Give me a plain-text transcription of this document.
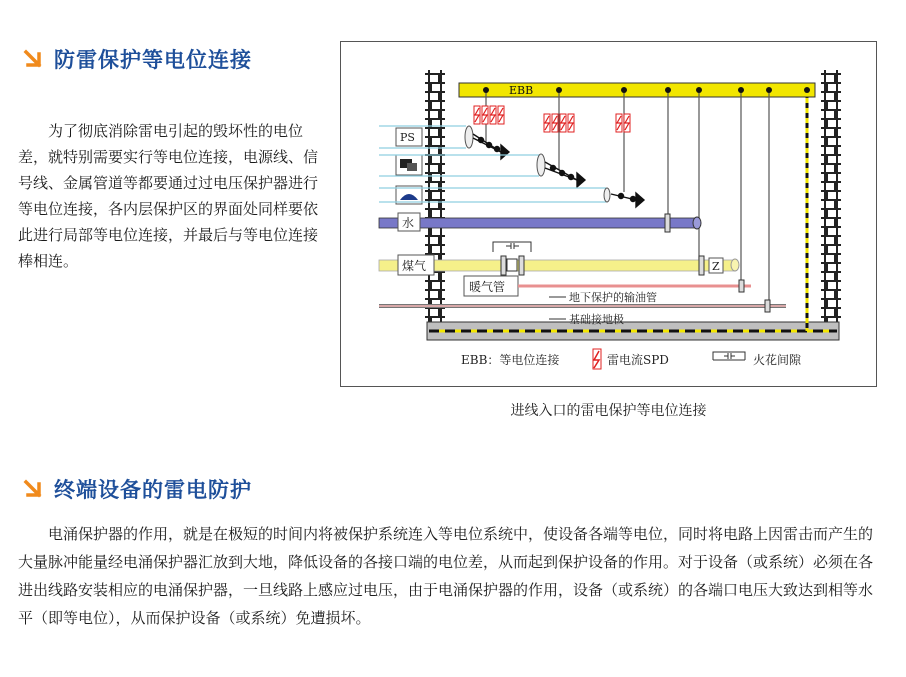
防雷保护等电位连接
为了彻底消除雷电引起的毁坏性的电位差，就特别需要实行等电位连接，电源线、信号线、金属管道等都要通过过电压保护器进行等电位连接，各内层保护区的界面处同样要依此进行局部等电位连接，并最后与等电位连接棒相连。
EBB
PS
水
煤气	Z
暖气管
地下保护的输油管
基础接地极
EBB：等电位连接	雷电流SPD	火花间隙
进线入口的雷电保护等电位连接
终端设备的雷电防护
电涌保护器的作用，就是在极短的时间内将被保护系统连入等电位系统中，使设备各端等电位，同时将电路上因雷击而产生的大量脉冲能量经电涌保护器汇放到大地，降低设备的各接口端的电位差，从而起到保护设备的作用。对于设备（或系统）必须在各进出线路安装相应的电涌保护器，一旦线路上感应过电压，由于电涌保护器的作用，设备（或系统）的各端口电压大致达到相等水平（即等电位），从而保护设备（或系统）免遭损坏。
